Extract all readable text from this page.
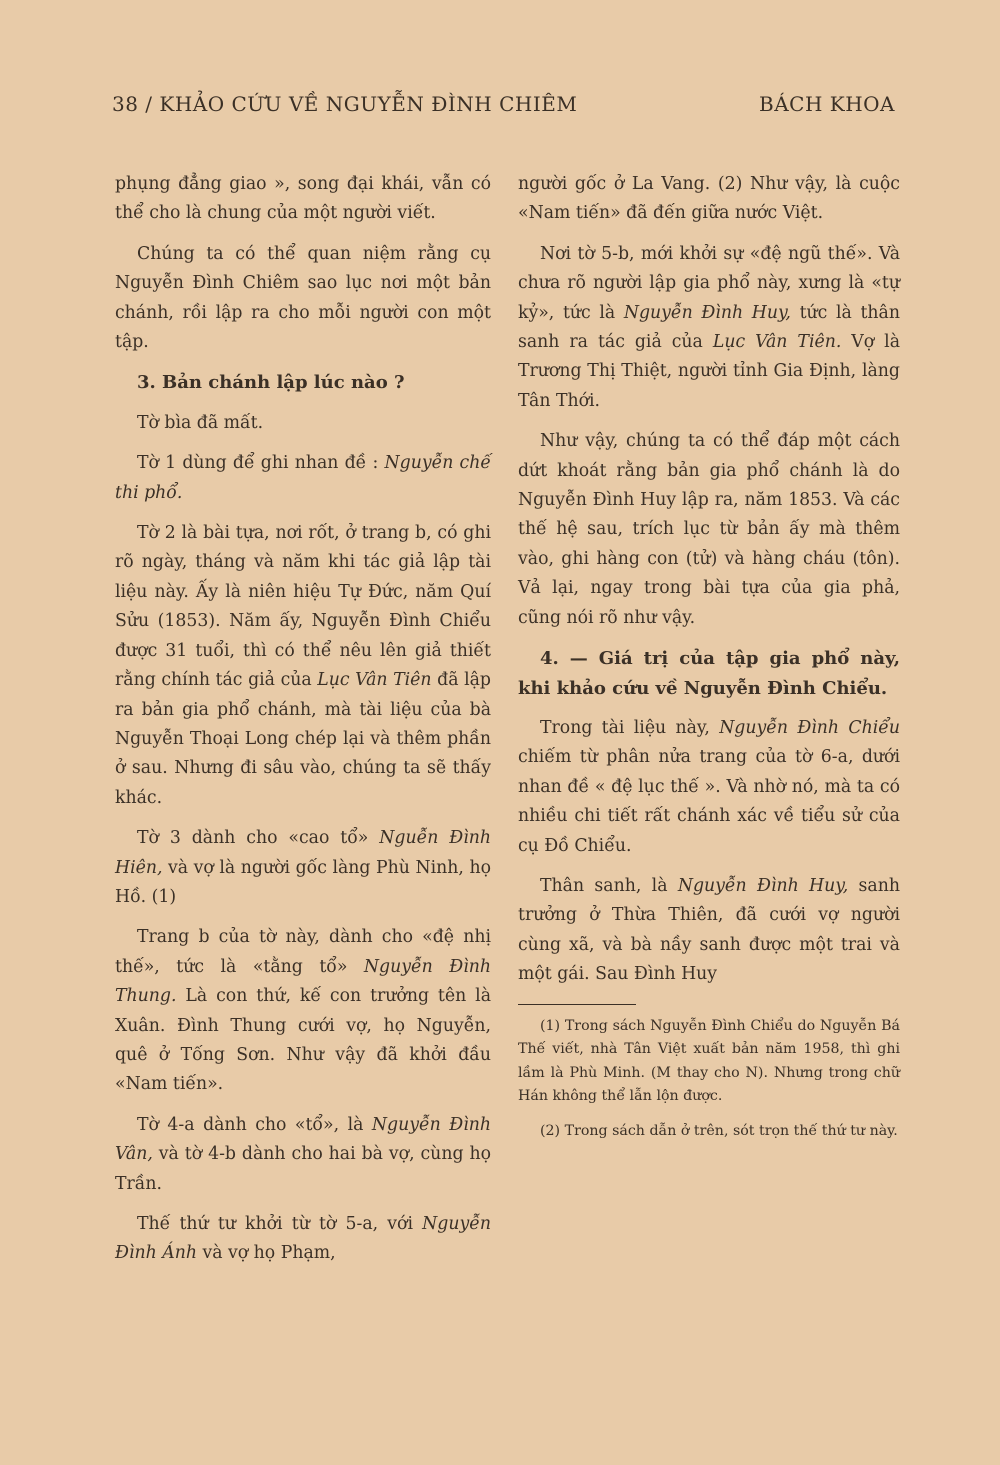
38 / KHẢO CỨU VỀ NGUYỄN ĐÌNH CHIÊM	BÁCH KHOA

phụng đẳng giao », song đại khái, vẫn có thể cho là chung của một người viết.

Chúng ta có thể quan niệm rằng cụ Nguyễn Đình Chiêm sao lục nơi một bản chánh, rồi lập ra cho mỗi người con một tập.

3. Bản chánh lập lúc nào ?

Tờ bìa đã mất.

Tờ 1 dùng để ghi nhan đề : Nguyễn chế thi phổ.

Tờ 2 là bài tựa, nơi rốt, ở trang b, có ghi rõ ngày, tháng và năm khi tác giả lập tài liệu này. Ấy là niên hiệu Tự Đức, năm Quí Sửu (1853). Năm ấy, Nguyễn Đình Chiểu được 31 tuổi, thì có thể nêu lên giả thiết rằng chính tác giả của Lục Vân Tiên đã lập ra bản gia phổ chánh, mà tài liệu của bà Nguyễn Thoại Long chép lại và thêm phần ở sau. Nhưng đi sâu vào, chúng ta sẽ thấy khác.

Tờ 3 dành cho «cao tổ» Nguễn Đình Hiên, và vợ là người gốc làng Phù Ninh, họ Hồ. (1)

Trang b của tờ này, dành cho «đệ nhị thế», tức là «tằng tổ» Nguyễn Đình Thung. Là con thứ, kế con trưởng tên là Xuân. Đình Thung cưới vợ, họ Nguyễn, quê ở Tống Sơn. Như vậy đã khởi đầu «Nam tiến».

Tờ 4-a dành cho «tổ», là Nguyễn Đình Vân, và tờ 4-b dành cho hai bà vợ, cùng họ Trần.

Thế thứ tư khởi từ tờ 5-a, với Nguyễn Đình Ánh và vợ họ Phạm,

người gốc ở La Vang. (2) Như vậy, là cuộc «Nam tiến» đã đến giữa nước Việt.

Nơi tờ 5-b, mới khởi sự «đệ ngũ thế». Và chưa rõ người lập gia phổ này, xưng là «tự kỷ», tức là Nguyễn Đình Huy, tức là thân sanh ra tác giả của Lục Vân Tiên. Vợ là Trương Thị Thiệt, người tỉnh Gia Định, làng Tân Thới.

Như vậy, chúng ta có thể đáp một cách dứt khoát rằng bản gia phổ chánh là do Nguyễn Đình Huy lập ra, năm 1853. Và các thế hệ sau, trích lục từ bản ấy mà thêm vào, ghi hàng con (tử) và hàng cháu (tôn). Vả lại, ngay trong bài tựa của gia phả, cũng nói rõ như vậy.

4. — Giá trị của tập gia phổ này, khi khảo cứu về Nguyễn Đình Chiểu.

Trong tài liệu này, Nguyễn Đình Chiểu chiếm từ phân nửa trang của tờ 6-a, dưới nhan đề « đệ lục thế ». Và nhờ nó, mà ta có nhiều chi tiết rất chánh xác về tiểu sử của cụ Đồ Chiểu.

Thân sanh, là Nguyễn Đình Huy, sanh trưởng ở Thừa Thiên, đã cưới vợ người cùng xã, và bà nầy sanh được một trai và một gái. Sau Đình Huy

(1) Trong sách Nguyễn Đình Chiểu do Nguyễn Bá Thế viết, nhà Tân Việt xuất bản năm 1958, thì ghi lầm là Phù Minh. (M thay cho N). Nhưng trong chữ Hán không thể lẫn lộn được.

(2) Trong sách dẫn ở trên, sót trọn thế thứ tư này.
